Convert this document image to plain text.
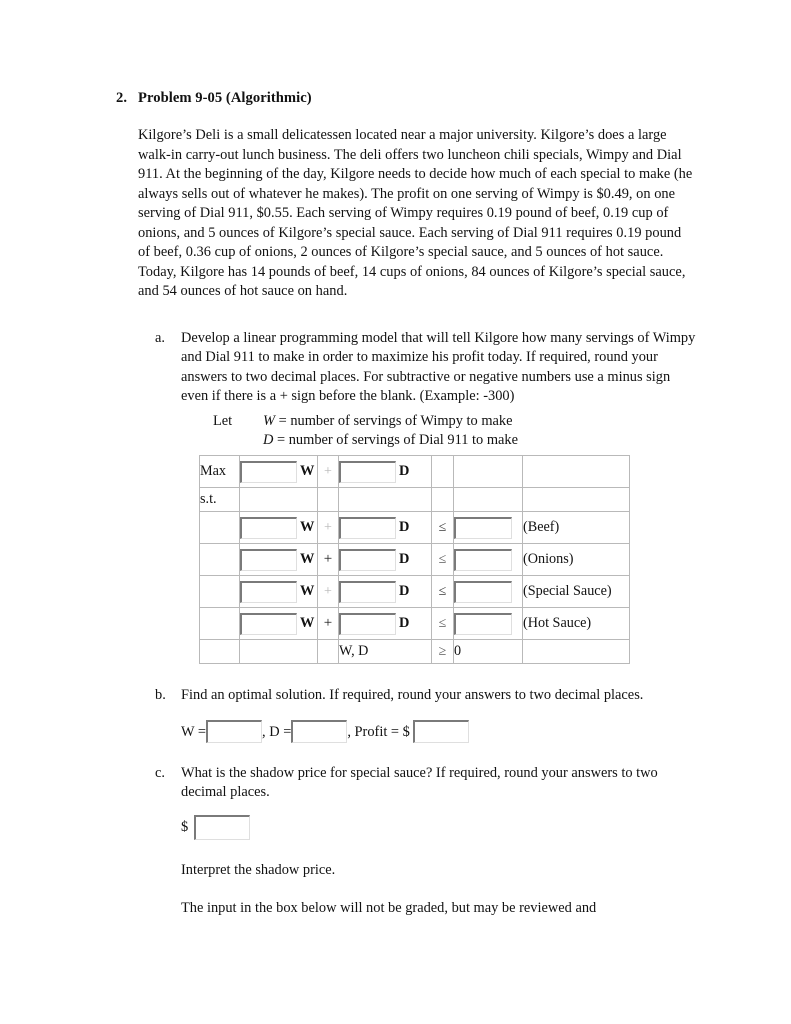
2. Problem 9-05 (Algorithmic)
Kilgore’s Deli is a small delicatessen located near a major university. Kilgore’s does a large walk-in carry-out lunch business. The deli offers two luncheon chili specials, Wimpy and Dial 911. At the beginning of the day, Kilgore needs to decide how much of each special to make (he always sells out of whatever he makes). The profit on one serving of Wimpy is $0.49, on one serving of Dial 911, $0.55. Each serving of Wimpy requires 0.19 pound of beef, 0.19 cup of onions, and 5 ounces of Kilgore’s special sauce. Each serving of Dial 911 requires 0.19 pound of beef, 0.36 cup of onions, 2 ounces of Kilgore’s special sauce, and 5 ounces of hot sauce. Today, Kilgore has 14 pounds of beef, 14 cups of onions, 84 ounces of Kilgore’s special sauce, and 54 ounces of hot sauce on hand.
a.	Develop a linear programming model that will tell Kilgore how many servings of Wimpy and Dial 911 to make in order to maximize his profit today. If required, round your answers to two decimal places. For subtractive or negative numbers use a minus sign even if there is a + sign before the blank. (Example: -300)
Let W = number of servings of Wimpy to make
D = number of servings of Dial 911 to make
Max	W	+	D			
s.t.						
	W	+	D	≤		(Beef)
	W	+	D	≤		(Onions)
	W	+	D	≤		(Special Sauce)
	W	+	D	≤		(Hot Sauce)
			W, D	≥	0	
b.	Find an optimal solution. If required, round your answers to two decimal places.
W =	, D =	, Profit = $
c.	What is the shadow price for special sauce? If required, round your answers to two decimal places.
$
Interpret the shadow price.
The input in the box below will not be graded, but may be reviewed and
